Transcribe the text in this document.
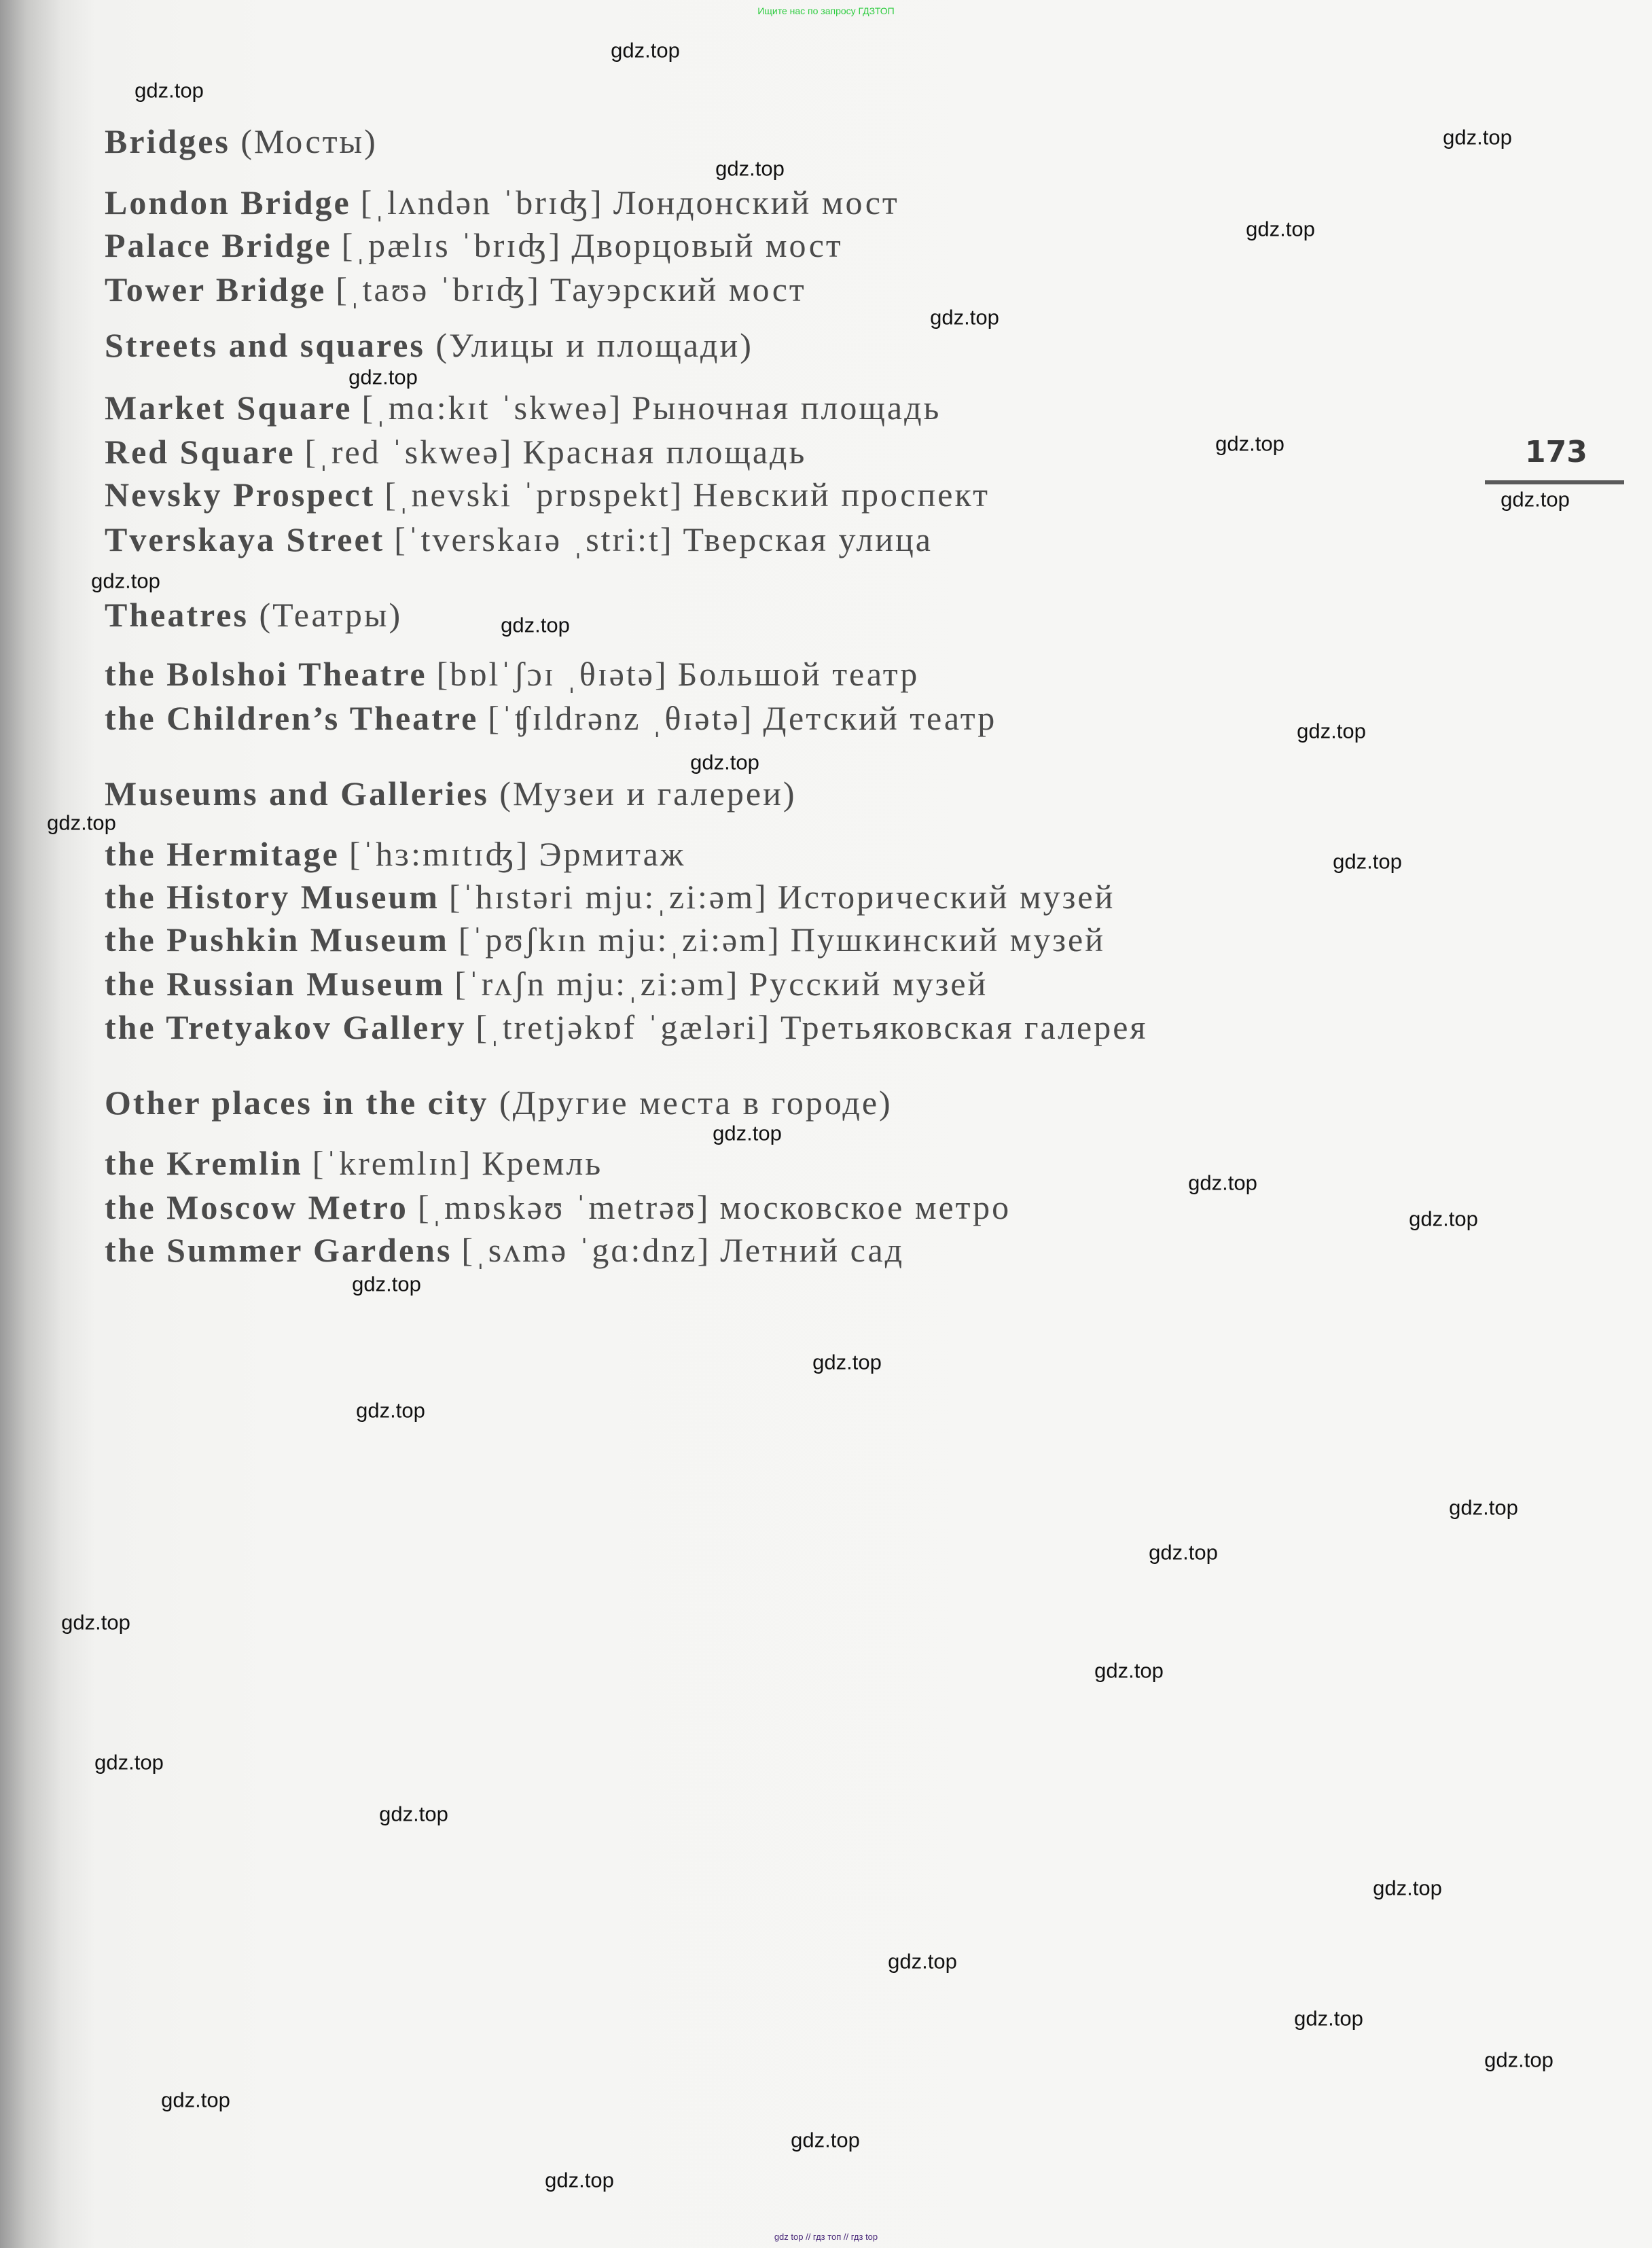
Ищите нас по запросу ГДЗТОП
173
Bridges (Мосты)
London Bridge [ˌlʌndən ˈbrɪʤ] Лондонский мост
Palace Bridge [ˌpælɪs ˈbrɪʤ] Дворцовый мост
Tower Bridge [ˌtaʊə ˈbrɪʤ] Тауэрский мост
Streets and squares (Улицы и площади)
Market Square [ˌmɑ:kɪt ˈskweə] Рыночная площадь
Red Square [ˌred ˈskweə] Красная площадь
Nevsky Prospect [ˌnevski ˈprɒspekt] Невский проспект
Tverskaya Street [ˈtverskaɪə ˌstri:t] Тверская улица
Theatres (Театры)
the Bolshoi Theatre [bɒlˈʃɔɪ ˌθɪətə] Большой театр
the Children’s Theatre [ˈʧɪldrənz ˌθɪətə] Детский театр
Museums and Galleries (Музеи и галереи)
the Hermitage [ˈhɜ:mɪtɪʤ] Эрмитаж
the History Museum [ˈhɪstəri mju:ˌzi:əm] Исторический музей
the Pushkin Museum [ˈpʊʃkɪn mju:ˌzi:əm] Пушкинский музей
the Russian Museum [ˈrʌʃn mju:ˌzi:əm] Русский музей
the Tretyakov Gallery [ˌtretjəkɒf ˈgæləri] Третьяковская галерея
Other places in the city (Другие места в городе)
the Kremlin [ˈkremlɪn] Кремль
the Moscow Metro [ˌmɒskəʊ ˈmetrəʊ] московское метро
the Summer Gardens [ˌsʌmə ˈgɑ:dnz] Летний сад
gdz.top
gdz.top
gdz.top
gdz.top
gdz.top
gdz.top
gdz.top
gdz.top
gdz.top
gdz.top
gdz.top
gdz.top
gdz.top
gdz.top
gdz.top
gdz.top
gdz.top
gdz.top
gdz.top
gdz.top
gdz.top
gdz.top
gdz.top
gdz.top
gdz.top
gdz.top
gdz.top
gdz.top
gdz.top
gdz.top
gdz.top
gdz.top
gdz.top
gdz.top
gdz top // гдз топ // гдз top
